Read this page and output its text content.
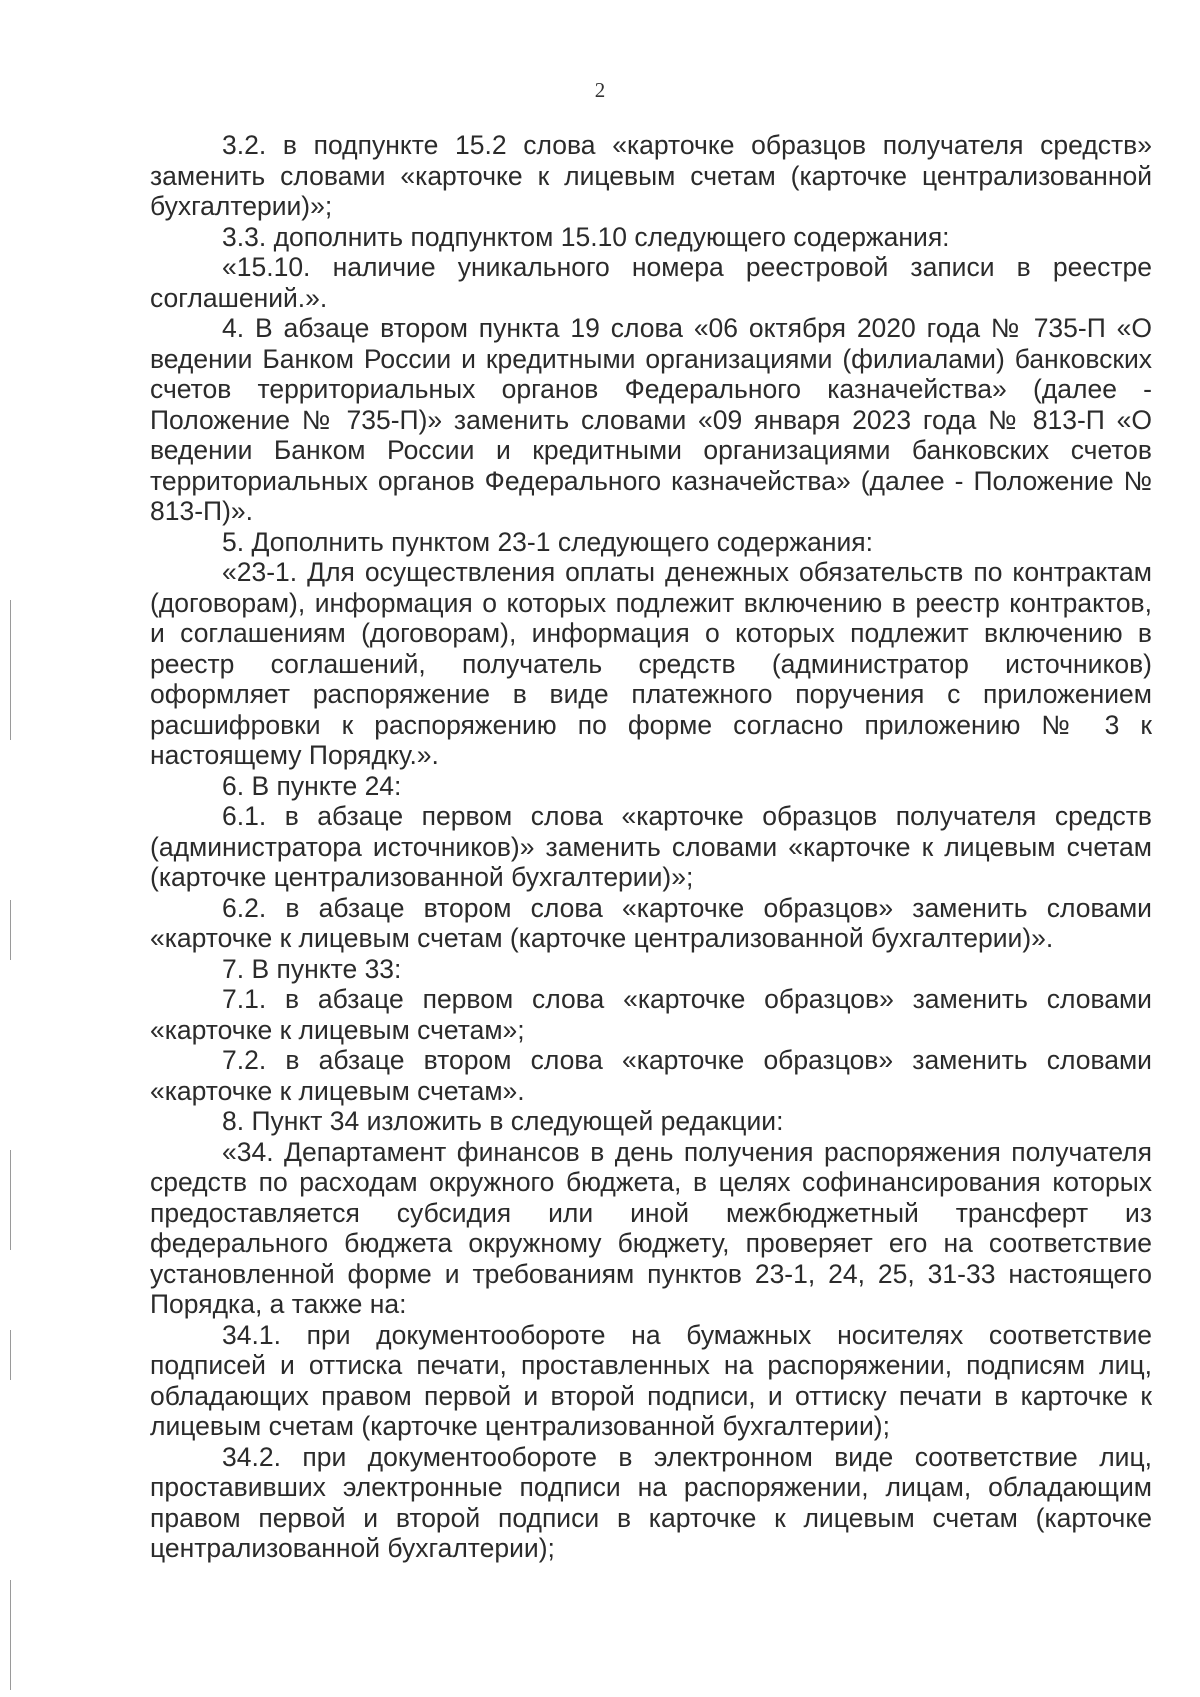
2

3.2. в подпункте 15.2 слова «карточке образцов получателя средств» заменить словами «карточке к лицевым счетам (карточке централизованной бухгалтерии)»;

3.3. дополнить подпунктом 15.10 следующего содержания:

«15.10. наличие уникального номера реестровой записи в реестре соглашений.».

4. В абзаце втором пункта 19 слова «06 октября 2020 года № 735-П «О ведении Банком России и кредитными организациями (филиалами) банковских счетов территориальных органов Федерального казначейства» (далее - Положение № 735-П)» заменить словами «09 января 2023 года № 813-П «О ведении Банком России и кредитными организациями банковских счетов территориальных органов Федерального казначейства» (далее - Положение № 813-П)».

5. Дополнить пунктом 23-1 следующего содержания:

«23-1. Для осуществления оплаты денежных обязательств по контрактам (договорам), информация о которых подлежит включению в реестр контрактов, и соглашениям (договорам), информация о которых подлежит включению в реестр соглашений, получатель средств (администратор источников) оформляет распоряжение в виде платежного поручения с приложением расшифровки к распоряжению по форме согласно приложению № 3 к настоящему Порядку.».

6. В пункте 24:

6.1. в абзаце первом слова «карточке образцов получателя средств (администратора источников)» заменить словами «карточке к лицевым счетам (карточке централизованной бухгалтерии)»;

6.2. в абзаце втором слова «карточке образцов» заменить словами «карточке к лицевым счетам (карточке централизованной бухгалтерии)».

7. В пункте 33:

7.1. в абзаце первом слова «карточке образцов» заменить словами «карточке к лицевым счетам»;

7.2. в абзаце втором слова «карточке образцов» заменить словами «карточке к лицевым счетам».

8. Пункт 34 изложить в следующей редакции:

«34. Департамент финансов в день получения распоряжения получателя средств по расходам окружного бюджета, в целях софинансирования которых предоставляется субсидия или иной межбюджетный трансферт из федерального бюджета окружному бюджету, проверяет его на соответствие установленной форме и требованиям пунктов 23-1, 24, 25, 31-33 настоящего Порядка, а также на:

34.1. при документообороте на бумажных носителях соответствие подписей и оттиска печати, проставленных на распоряжении, подписям лиц, обладающих правом первой и второй подписи, и оттиску печати в карточке к лицевым счетам (карточке централизованной бухгалтерии);

34.2. при документообороте в электронном виде соответствие лиц, проставивших электронные подписи на распоряжении, лицам, обладающим правом первой и второй подписи в карточке к лицевым счетам (карточке централизованной бухгалтерии);
